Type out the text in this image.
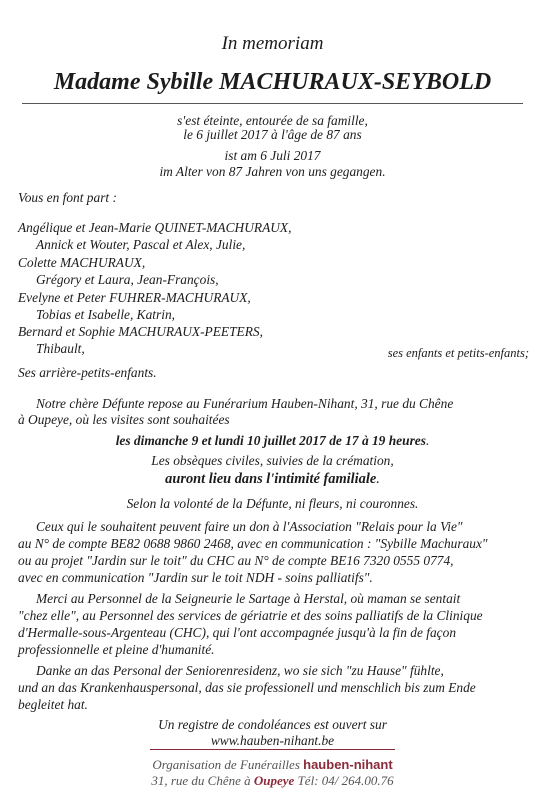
In memoriam
Madame Sybille MACHURAUX-SEYBOLD
s'est éteinte, entourée de sa famille,
le 6 juillet 2017 à l'âge de 87 ans
ist am 6 Juli 2017
im Alter von 87 Jahren von uns gegangen.
Vous en font part :
Angélique et Jean-Marie QUINET-MACHURAUX,
Annick et Wouter, Pascal et Alex, Julie,
Colette MACHURAUX,
Grégory et Laura, Jean-François,
Evelyne et Peter FUHRER-MACHURAUX,
Tobias et Isabelle, Katrin,
Bernard et Sophie MACHURAUX-PEETERS,
Thibault,	ses enfants et petits-enfants;
Ses arrière-petits-enfants.
Notre chère Défunte repose au Funérarium Hauben-Nihant, 31, rue du Chêne
à Oupeye, où les visites sont souhaitées
les dimanche 9 et lundi 10 juillet 2017 de 17 à 19 heures.
Les obsèques civiles, suivies de la crémation,
auront lieu dans l'intimité familiale.
Selon la volonté de la Défunte, ni fleurs, ni couronnes.
Ceux qui le souhaitent peuvent faire un don à l'Association "Relais pour la Vie"
au N° de compte BE82 0688 9860 2468, avec en communication : "Sybille Machuraux"
ou au projet "Jardin sur le toit" du CHC au N° de compte BE16 7320 0555 0774,
avec en communication "Jardin sur le toit NDH - soins palliatifs".
Merci au Personnel de la Seigneurie le Sartage à Herstal, où maman se sentait
"chez elle", au Personnel des services de gériatrie et des soins palliatifs de la Clinique
d'Hermalle-sous-Argenteau (CHC), qui l'ont accompagnée jusqu'à la fin de façon
professionnelle et pleine d'humanité.
Danke an das Personal der Seniorenresidenz, wo sie sich "zu Hause" fühlte,
und an das Krankenhauspersonal, das sie professionell und menschlich bis zum Ende
begleitet hat.
Un registre de condoléances est ouvert sur
www.hauben-nihant.be
Organisation de Funérailles hauben-nihant
31, rue du Chêne à Oupeye Tél: 04/ 264.00.76
